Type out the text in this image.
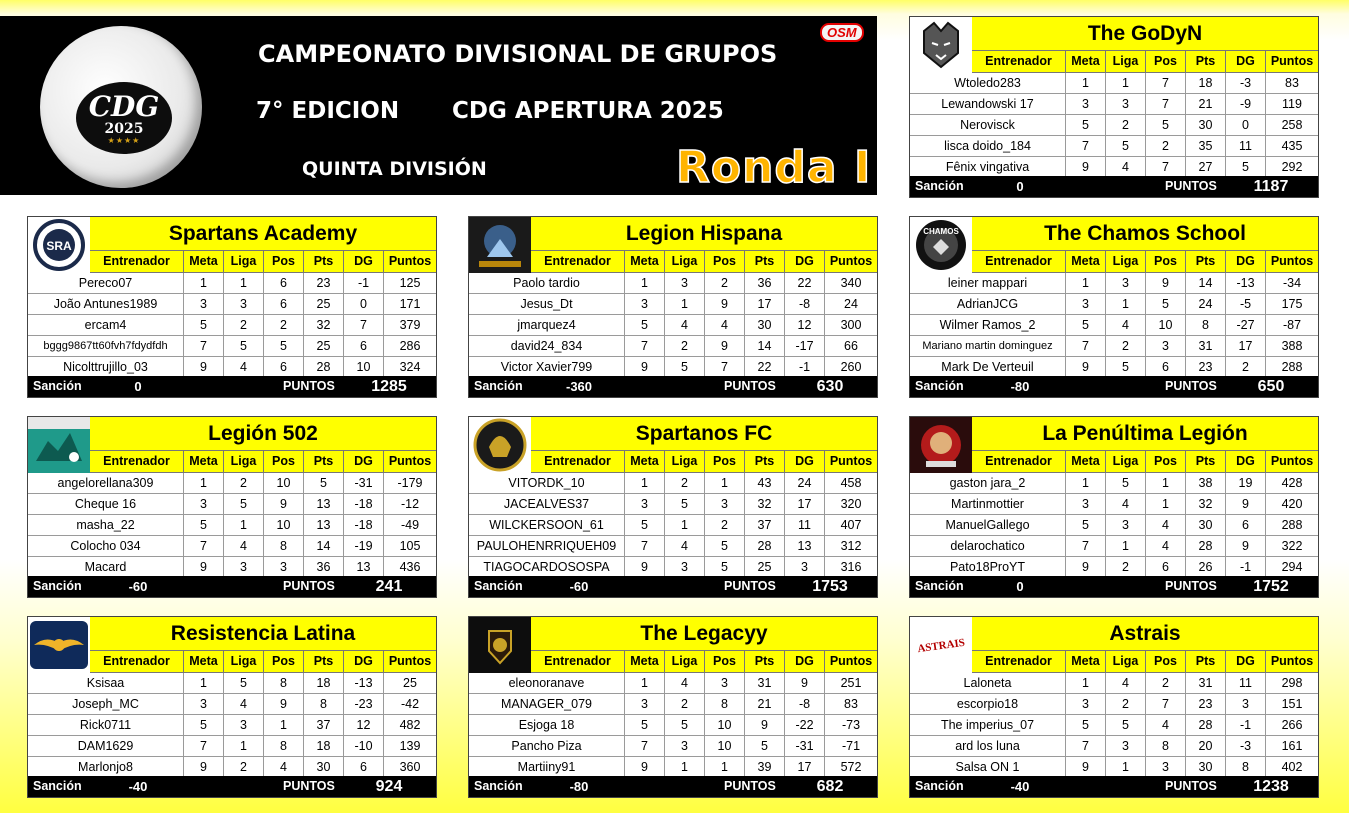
CDG
2025
★★★★
CAMPEONATO DIVISIONAL DE GRUPOS
7° EDICION CDG APERTURA 2025
QUINTA DIVISIÓN	Ronda I
OSM	The GoDyN
Entrenador	Meta	Liga	Pos	Pts	DG	Puntos
Wtoledo283	1	1	7	18	-3	83
Lewandowski 17	3	3	7	21	-9	119
Nerovisck	5	2	5	30	0	258
lisca doido_184	7	5	2	35	11	435
Fênix vingativa	9	4	7	27	5	292
Sanción	0	PUNTOS	1187
SRA
Spartans Academy
Entrenador	Meta	Liga	Pos	Pts	DG	Puntos
Pereco07	1	1	6	23	-1	125
João Antunes1989	3	3	6	25	0	171
ercam4	5	2	2	32	7	379
bggg9867tt60fvh7fdydfdh	7	5	5	25	6	286
Nicolttrujillo_03	9	4	6	28	10	324
Sanción	0	PUNTOS	1285
Legion Hispana
Entrenador	Meta	Liga	Pos	Pts	DG	Puntos
Paolo tardio	1	3	2	36	22	340
Jesus_Dt	3	1	9	17	-8	24
jmarquez4	5	4	4	30	12	300
david24_834	7	2	9	14	-17	66
Victor Xavier799	9	5	7	22	-1	260
Sanción	-360	PUNTOS	630
CHAMOS	The Chamos School
Entrenador	Meta	Liga	Pos	Pts	DG	Puntos
leiner mappari	1	3	9	14	-13	-34
AdrianJCG	3	1	5	24	-5	175
Wilmer Ramos_2	5	4	10	8	-27	-87
Mariano martin dominguez	7	2	3	31	17	388
Mark De Verteuil	9	5	6	23	2	288
Sanción	-80	PUNTOS	650
Legión 502
Entrenador	Meta	Liga	Pos	Pts	DG	Puntos
angelorellana309	1	2	10	5	-31	-179
Cheque 16	3	5	9	13	-18	-12
masha_22	5	1	10	13	-18	-49
Colocho 034	7	4	8	14	-19	105
Macard	9	3	3	36	13	436
Sanción	-60	PUNTOS	241
Spartanos FC
Entrenador	Meta	Liga	Pos	Pts	DG	Puntos
VITORDK_10	1	2	1	43	24	458
JACEALVES37	3	5	3	32	17	320
WILCKERSOON_61	5	1	2	37	11	407
PAULOHENRRIQUEH09	7	4	5	28	13	312
TIAGOCARDOSOSPA	9	3	5	25	3	316
Sanción	-60	PUNTOS	1753
La Penúltima Legión
Entrenador	Meta	Liga	Pos	Pts	DG	Puntos
gaston jara_2	1	5	1	38	19	428
Martinmottier	3	4	1	32	9	420
ManuelGallego	5	3	4	30	6	288
delarochatico	7	1	4	28	9	322
Pato18ProYT	9	2	6	26	-1	294
Sanción	0	PUNTOS	1752
Resistencia Latina
Entrenador	Meta	Liga	Pos	Pts	DG	Puntos
Ksisaa	1	5	8	18	-13	25
Joseph_MC	3	4	9	8	-23	-42
Rick0711	5	3	1	37	12	482
DAM1629	7	1	8	18	-10	139
Marlonjo8	9	2	4	30	6	360
Sanción	-40	PUNTOS	924
The Legacyy
Entrenador	Meta	Liga	Pos	Pts	DG	Puntos
eleonoranave	1	4	3	31	9	251
MANAGER_079	3	2	8	21	-8	83
Esjoga 18	5	5	10	9	-22	-73
Pancho Piza	7	3	10	5	-31	-71
Martiiny91	9	1	1	39	17	572
Sanción	-80	PUNTOS	682
ASTRAIS
Astrais
Entrenador	Meta	Liga	Pos	Pts	DG	Puntos
Laloneta	1	4	2	31	11	298
escorpio18	3	2	7	23	3	151
The imperius_07	5	5	4	28	-1	266
ard los luna	7	3	8	20	-3	161
Salsa ON 1	9	1	3	30	8	402
Sanción	-40	PUNTOS	1238
